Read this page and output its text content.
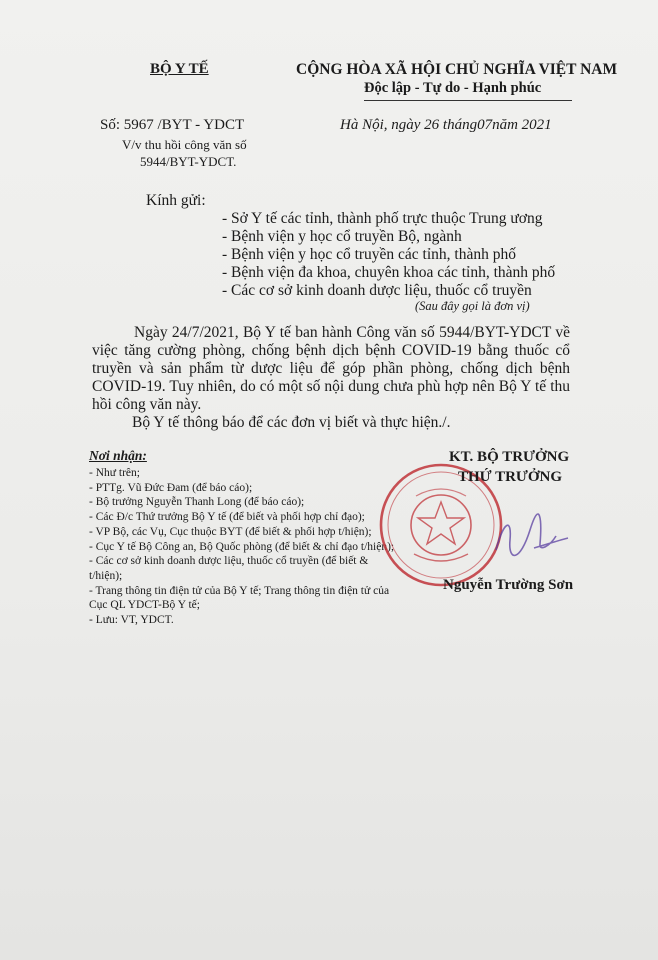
BỘ Y TẾ	CỘNG HÒA XÃ HỘI CHỦ NGHĨA VIỆT NAM
Độc lập - Tự do - Hạnh phúc
Số: 5967 /BYT - YDCT	Hà Nội, ngày 26 tháng07năm 2021
V/v thu hồi công văn số
5944/BYT-YDCT.
Kính gửi:
- Sở Y tế các tỉnh, thành phố trực thuộc Trung ương
- Bệnh viện y học cổ truyền Bộ, ngành
- Bệnh viện y học cổ truyền các tỉnh, thành phố
- Bệnh viện đa khoa, chuyên khoa các tỉnh, thành phố
- Các cơ sở kinh doanh dược liệu, thuốc cổ truyền
(Sau đây gọi là đơn vị)
Ngày 24/7/2021, Bộ Y tế ban hành Công văn số 5944/BYT-YDCT về việc tăng cường phòng, chống bệnh dịch bệnh COVID-19 bằng thuốc cổ truyền và sản phẩm từ dược liệu để góp phần phòng, chống dịch bệnh COVID-19. Tuy nhiên, do có một số nội dung chưa phù hợp nên Bộ Y tế thu hồi công văn này.
Bộ Y tế thông báo để các đơn vị biết và thực hiện./.
Nơi nhận:
- Như trên;
- PTTg. Vũ Đức Đam (để báo cáo);
- Bộ trưởng Nguyễn Thanh Long (để báo cáo);
- Các Đ/c Thứ trưởng Bộ Y tế (để biết và phối hợp chỉ đạo);
- VP Bộ, các Vụ, Cục thuộc BYT (để biết & phối hợp t/hiện);
- Cục Y tế Bộ Công an, Bộ Quốc phòng (để biết & chỉ đạo t/hiện);
- Các cơ sở kinh doanh dược liệu, thuốc cổ truyền (để biết & t/hiện);
- Trang thông tin điện tử của Bộ Y tế; Trang thông tin điện tử của Cục QL YDCT-Bộ Y tế;
- Lưu: VT, YDCT.
KT. BỘ TRƯỞNG
THỨ TRƯỞNG
Nguyễn Trường Sơn
